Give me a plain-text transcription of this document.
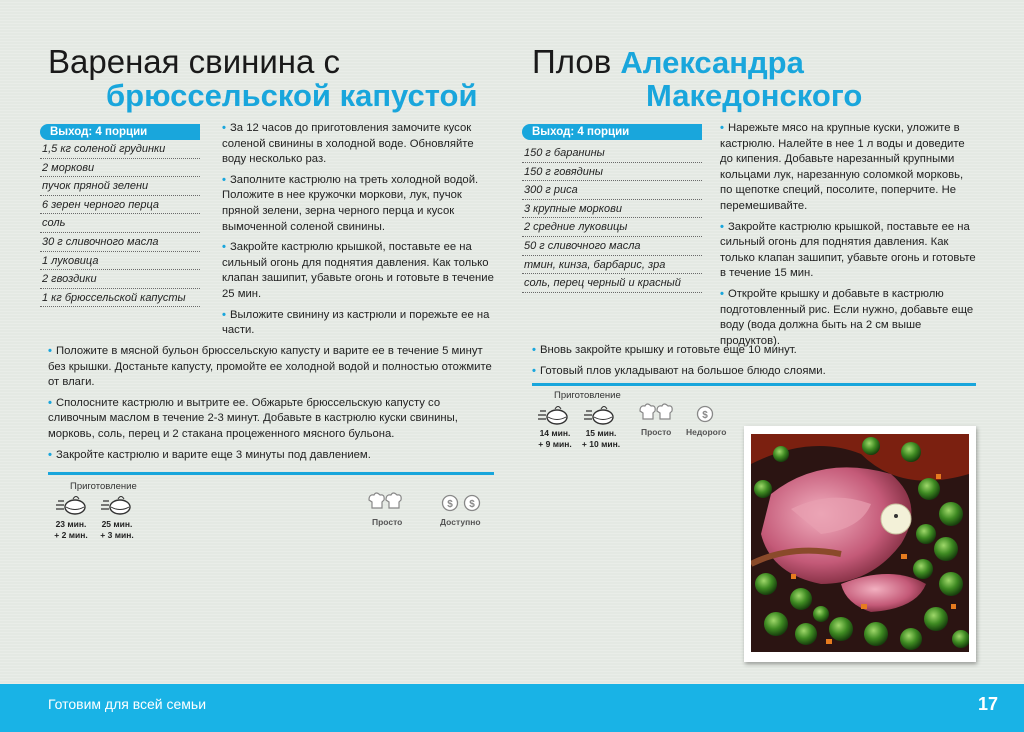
Вареная свинина с
брюссельской капустой
Плов Александра
Македонского
Выход: 4 порции
1,5 кг соленой грудинки
2 моркови
пучок пряной зелени
6 зерен черного перца
соль
30 г сливочного масла
1 луковица
2 гвоздики
1 кг брюссельской капусты

• За 12 часов до приготовления замочите кусок соленой свинины в холодной воде. Обновляйте воду несколько раз.

• Заполните кастрюлю на треть холодной водой. Положите в нее кружочки моркови, лук, пучок пряной зелени, зерна черного перца и кусок вымоченной соленой свинины.

• Закройте кастрюлю крышкой, поставьте ее на сильный огонь для поднятия давления. Как только клапан зашипит, убавьте огонь и готовьте в течение 25 мин.

• Выложите свинину из кастрюли и порежьте ее на части.

• Положите в мясной бульон брюссельскую капусту и варите ее в течение 5 минут без крышки. Достаньте капусту, промойте ее холодной водой и полностью отожмите от влаги.

• Сполосните кастрюлю и вытрите ее. Обжарьте брюссельскую капусту со сливочным маслом в течение 2-3 минут. Добавьте в кастрюлю куски свинины, морковь, соль, перец и 2 стакана процеженного мясного бульона.

• Закройте кастрюлю и варите еще 3 минуты под давлением.

Приготовление
23 мин.
+ 2 мин.
25 мин.
+ 3 мин.
Просто
$ $
Доступно
Выход: 4 порции
150 г баранины
150 г говядины
300 г риса
3 крупные моркови
2 средние луковицы
50 г сливочного масла
тмин, кинза, барбарис, зра
соль, перец черный и красный

• Нарежьте мясо на крупные куски, уложите в кастрюлю. Налейте в нее 1 л воды и доведите до кипения. Добавьте нарезанный крупными кольцами лук, нарезанную соломкой морковь, по щепотке специй, посолите, поперчите. Не перемешивайте.

• Закройте кастрюлю крышкой, поставьте ее на сильный огонь для поднятия давления. Как только клапан зашипит, убавьте огонь и готовьте в течение 15 мин.

• Откройте крышку и добавьте в кастрюлю подготовленный рис. Если нужно, добавьте еще воду (вода должна быть на 2 см выше продуктов).

• Вновь закройте крышку и готовьте еще 10 минут.

• Готовый плов укладывают на большое блюдо слоями.

Приготовление
14 мин.
+ 9 мин.
15 мин.
+ 10 мин.
Просто
$
Недорого
Готовим для всей семьи	17
